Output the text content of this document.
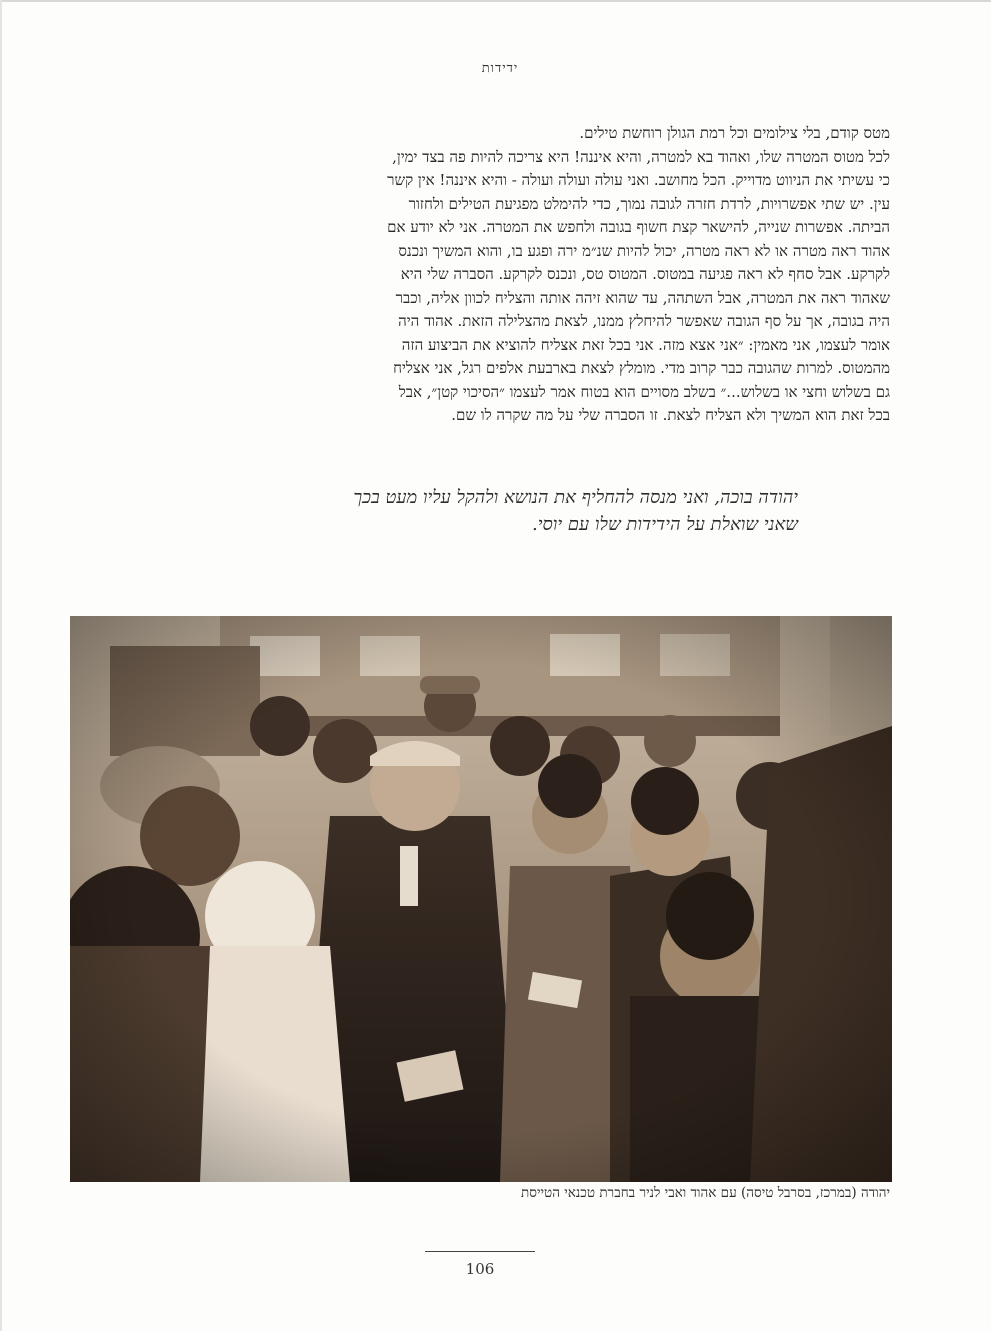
ידידות

מטס קודם, בלי צילומים וכל רמת הגולן רוחשת טילים.

לכל מטוס המטרה שלו, ואהוד בא למטרה, והיא איננה! היא צריכה להיות פה בצד ימין,

כי עשיתי את הניווט מדוייק. הכל מחושב. ואני עולה ועולה ועולה - והיא איננה! אין קשר

עין. יש שתי אפשרויות, לרדת חזרה לגובה נמוך, כדי להימלט מפגיעת הטילים ולחזור

הביתה. אפשרות שנייה, להישאר קצת חשוף בגובה ולחפש את המטרה. אני לא יודע אם

אהוד ראה מטרה או לא ראה מטרה, יכול להיות שנ״מ ירה ופגע בו, והוא המשיך ונכנס

לקרקע. אבל סחף לא ראה פגיעה במטוס. המטוס טס, ונכנס לקרקע. הסברה שלי היא

שאהוד ראה את המטרה, אבל השתהה, עד שהוא זיהה אותה והצליח לכוון אליה, וכבר

היה בגובה, אך על סף הגובה שאפשר להיחלץ ממנו, לצאת מהצלילה הזאת. אהוד היה

אומר לעצמו, אני מאמין: ״אני אצא מזה. אני בכל זאת אצליח להוציא את הביצוע הזה

מהמטוס. למרות שהגובה כבר קרוב מדי. מומלץ לצאת בארבעת אלפים רגל, אני אצליח

גם בשלוש וחצי או בשלוש...״ בשלב מסויים הוא בטוח אמר לעצמו ״הסיכוי קטן״, אבל

בכל זאת הוא המשיך ולא הצליח לצאת. זו הסברה שלי על מה שקרה לו שם.

יהודה בוכה, ואני מנסה להחליף את הנושא ולהקל עליו מעט בכך
שאני שואלת על הידידות שלו עם יוסי.
יהודה (במרכז, בסרבל טיסה) עם אהוד ואבי לניר בחברת טכנאי הטייסת
106
